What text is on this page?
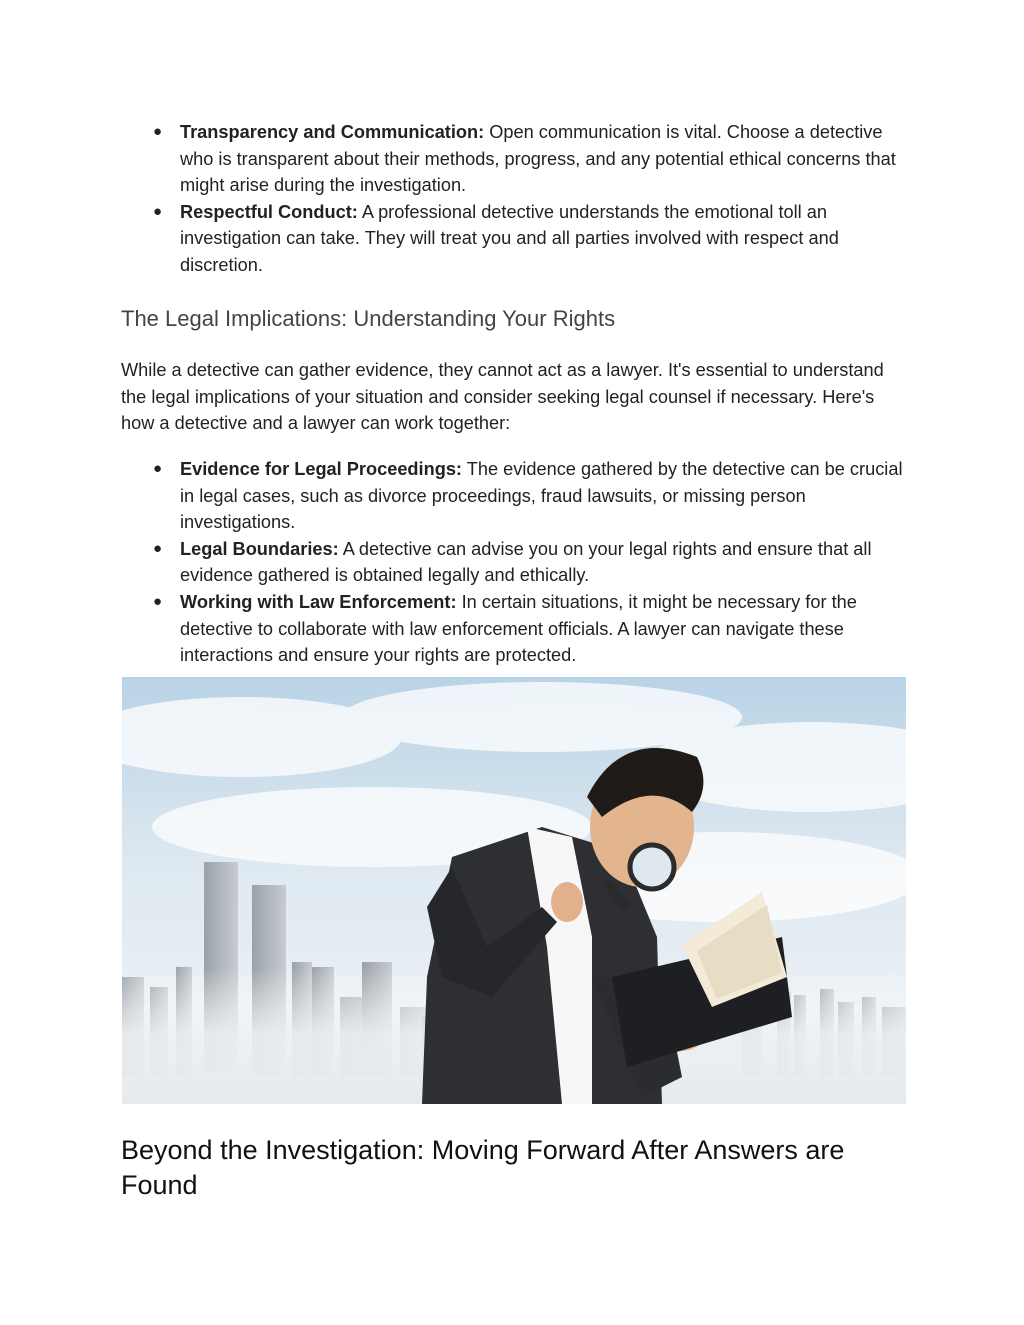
● Transparency and Communication: Open communication is vital. Choose a detective who is transparent about their methods, progress, and any potential ethical concerns that might arise during the investigation.
● Respectful Conduct: A professional detective understands the emotional toll an investigation can take. They will treat you and all parties involved with respect and discretion.
The Legal Implications: Understanding Your Rights

While a detective can gather evidence, they cannot act as a lawyer. It's essential to understand the legal implications of your situation and consider seeking legal counsel if necessary. Here's how a detective and a lawyer can work together:

● Evidence for Legal Proceedings: The evidence gathered by the detective can be crucial in legal cases, such as divorce proceedings, fraud lawsuits, or missing person investigations.
● Legal Boundaries: A detective can advise you on your legal rights and ensure that all evidence gathered is obtained legally and ethically.
● Working with Law Enforcement: In certain situations, it might be necessary for the detective to collaborate with law enforcement officials. A lawyer can navigate these interactions and ensure your rights are protected.
Beyond the Investigation: Moving Forward After Answers are Found
